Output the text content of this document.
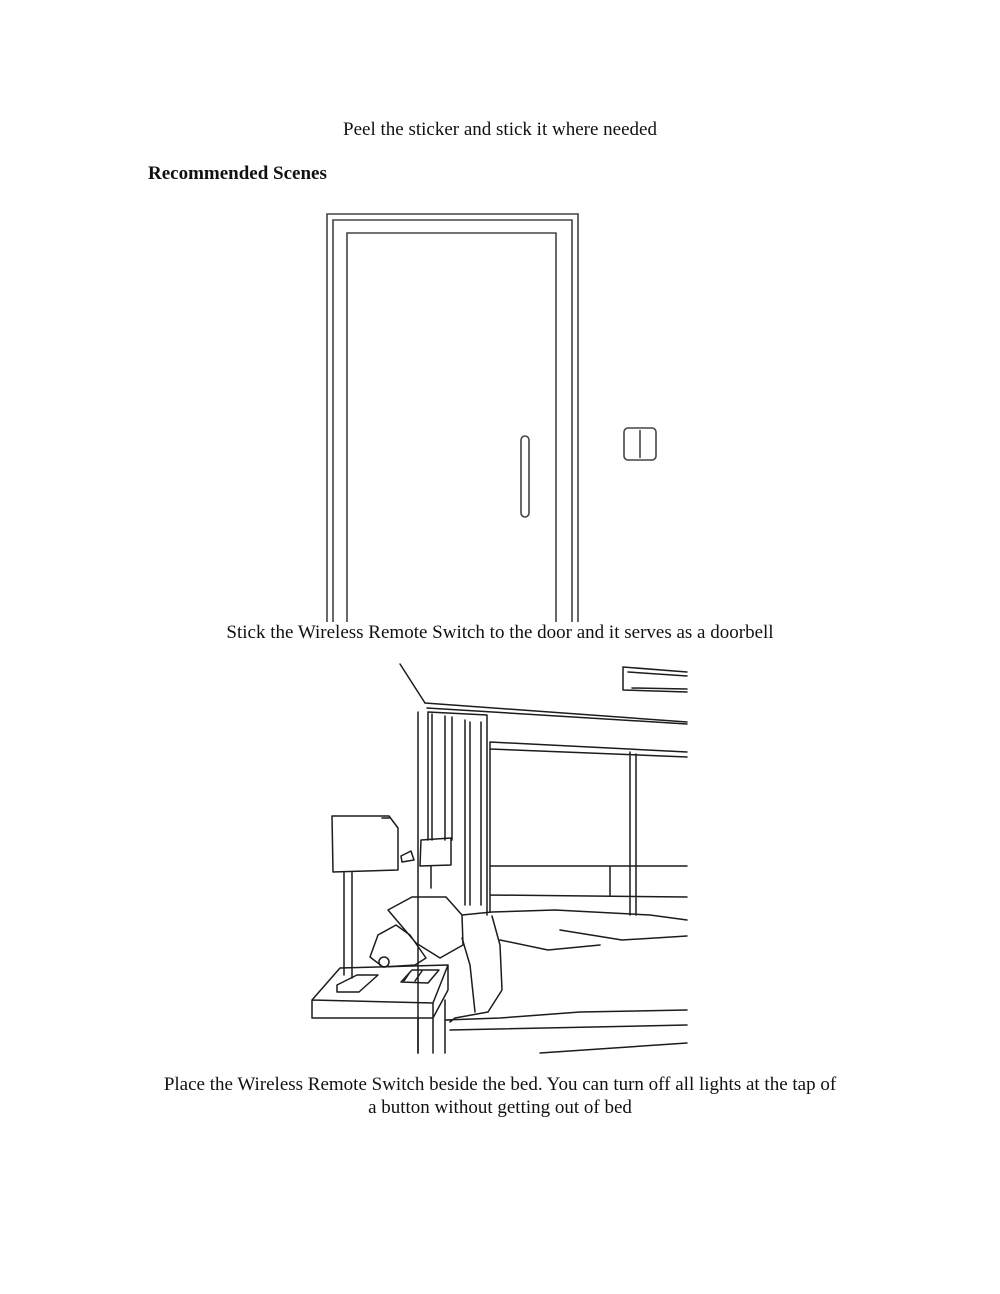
Peel the sticker and stick it where needed
Recommended Scenes
Stick the Wireless Remote Switch to the door and it serves as a doorbell
Place the Wireless Remote Switch beside the bed. You can turn off all lights at the tap of
a button without getting out of bed
